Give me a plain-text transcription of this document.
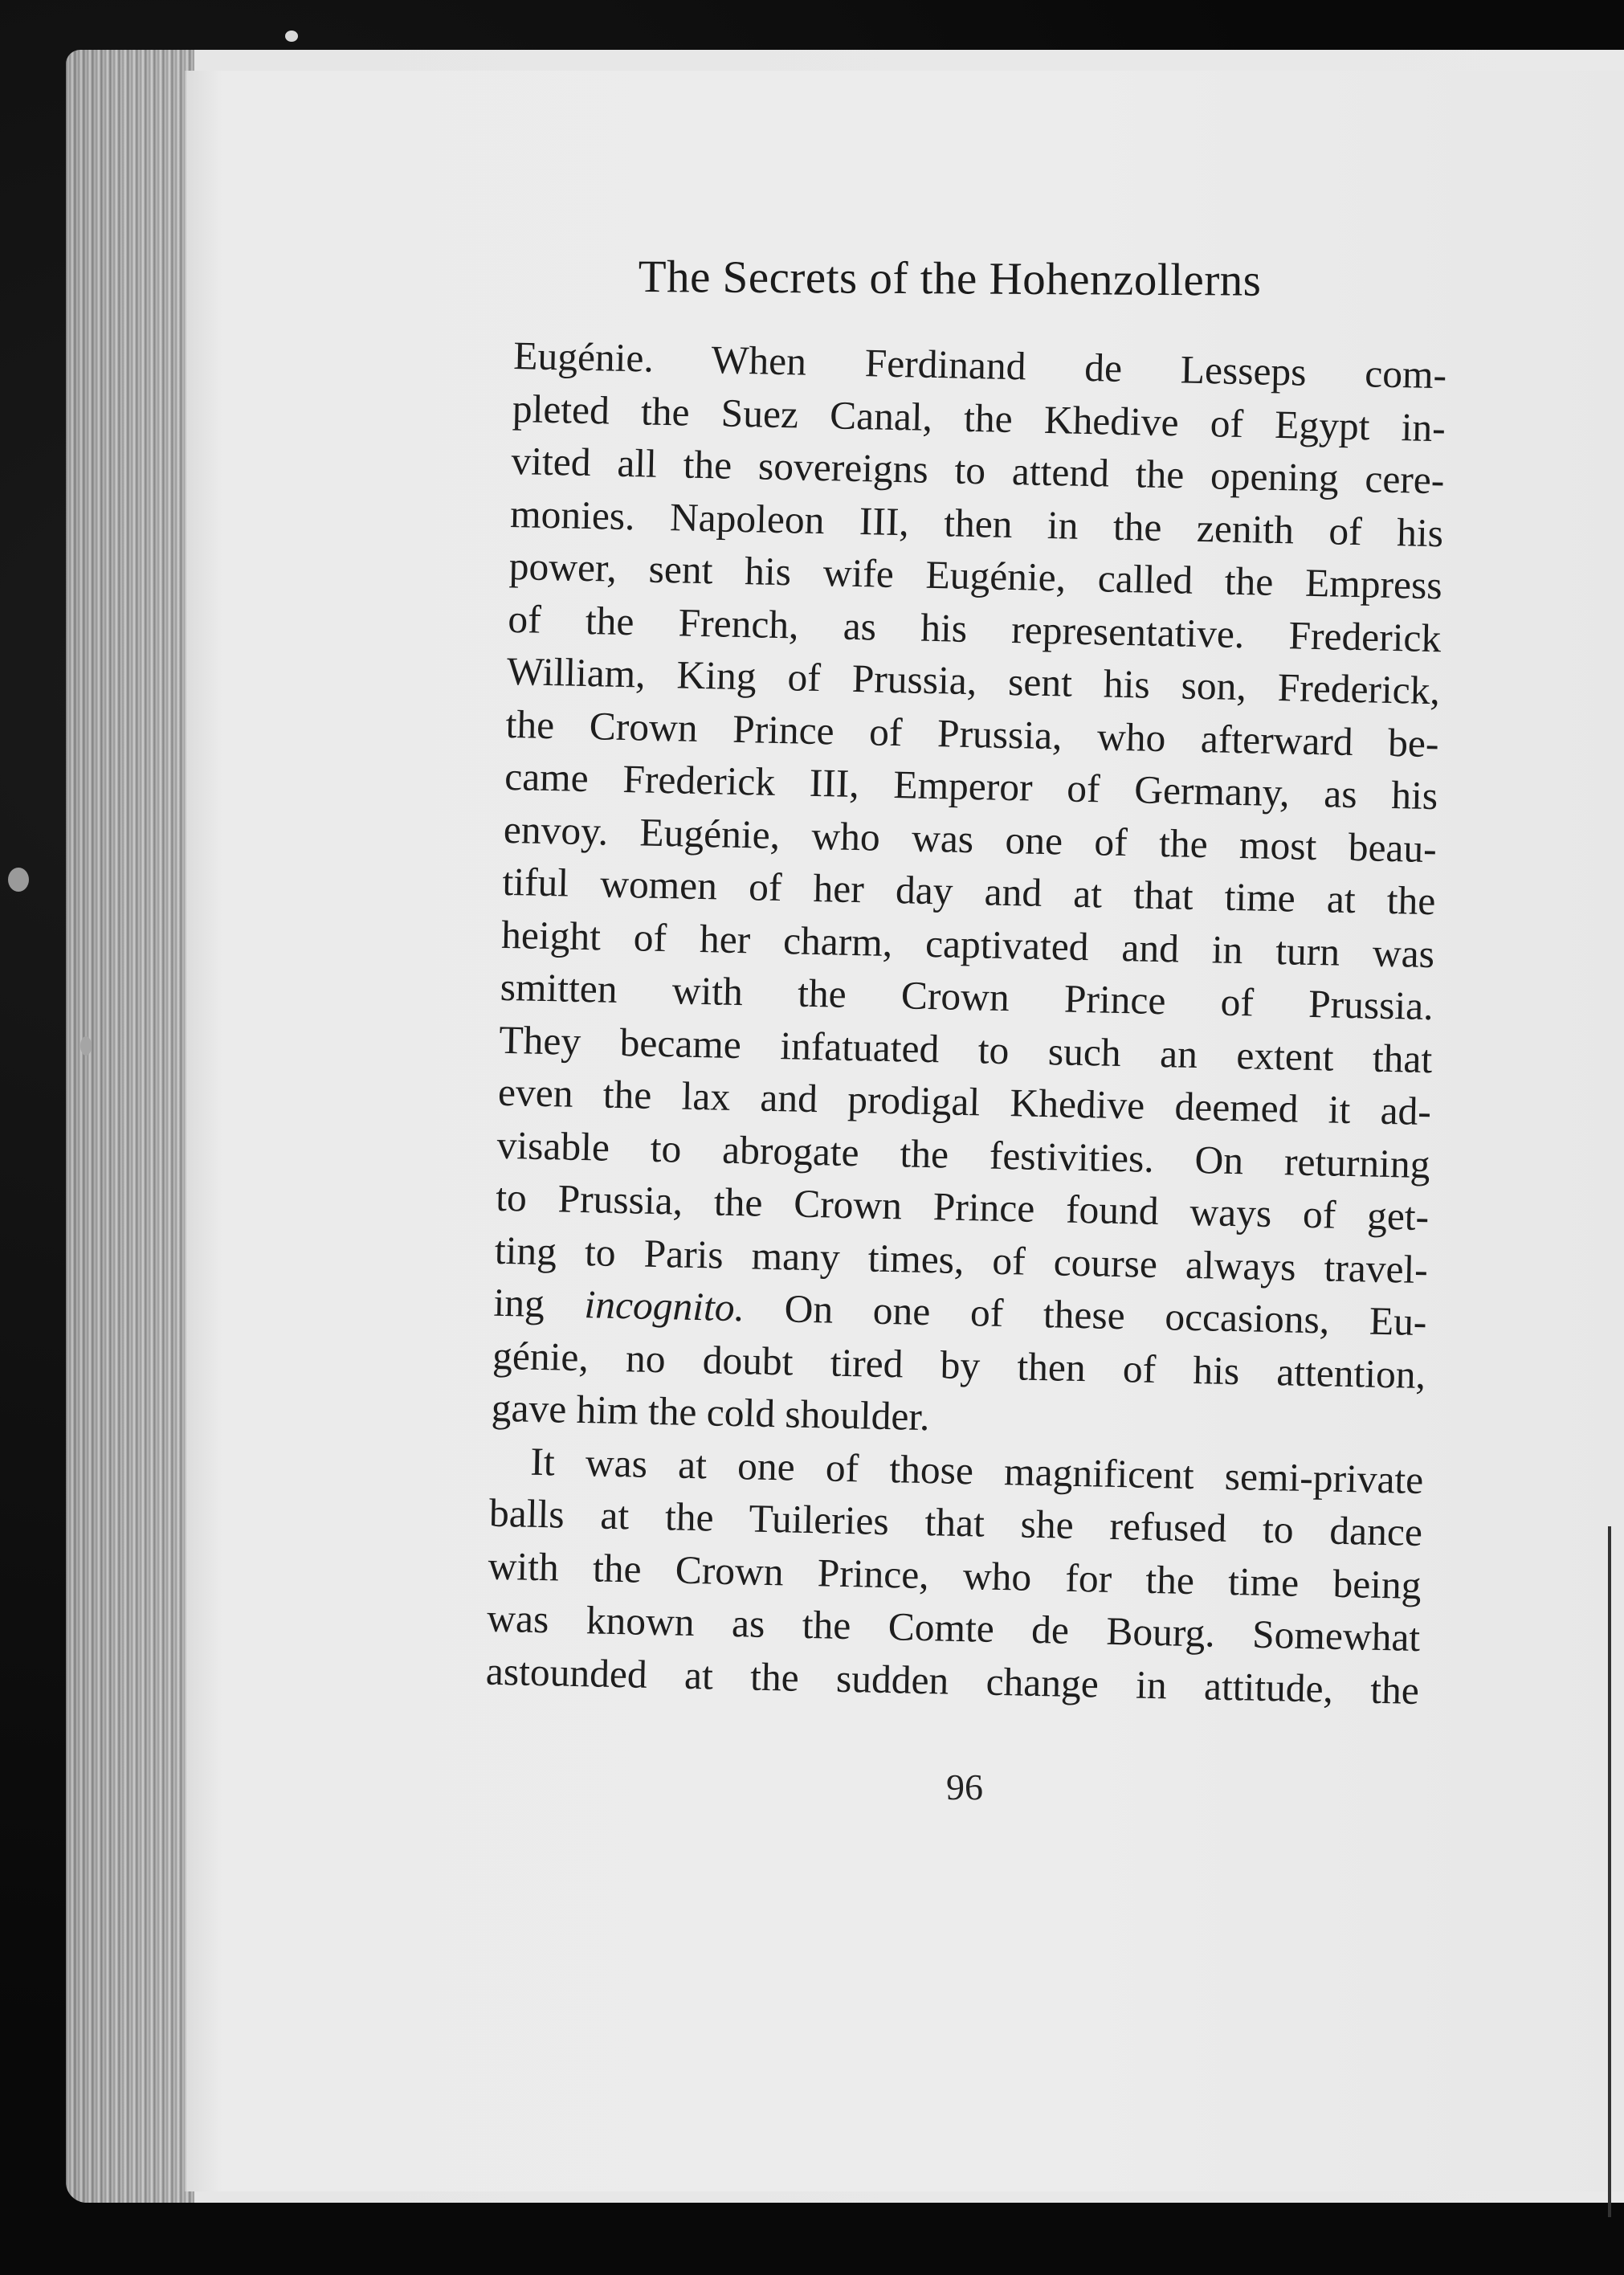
The Secrets of the Hohenzollerns
Eugénie. When Ferdinand de Lesseps com-
pleted the Suez Canal, the Khedive of Egypt in-
vited all the sovereigns to attend the opening cere-
monies. Napoleon III, then in the zenith of his
power, sent his wife Eugénie, called the Empress
of the French, as his representative. Frederick
William, King of Prussia, sent his son, Frederick,
the Crown Prince of Prussia, who afterward be-
came Frederick III, Emperor of Germany, as his
envoy. Eugénie, who was one of the most beau-
tiful women of her day and at that time at the
height of her charm, captivated and in turn was
smitten with the Crown Prince of Prussia.
They became infatuated to such an extent that
even the lax and prodigal Khedive deemed it ad-
visable to abrogate the festivities. On returning
to Prussia, the Crown Prince found ways of get-
ting to Paris many times, of course always travel-
ing incognito. On one of these occasions, Eu-
génie, no doubt tired by then of his attention,
gave him the cold shoulder.
It was at one of those magnificent semi-private
balls at the Tuileries that she refused to dance
with the Crown Prince, who for the time being
was known as the Comte de Bourg. Somewhat
astounded at the sudden change in attitude, the
96
